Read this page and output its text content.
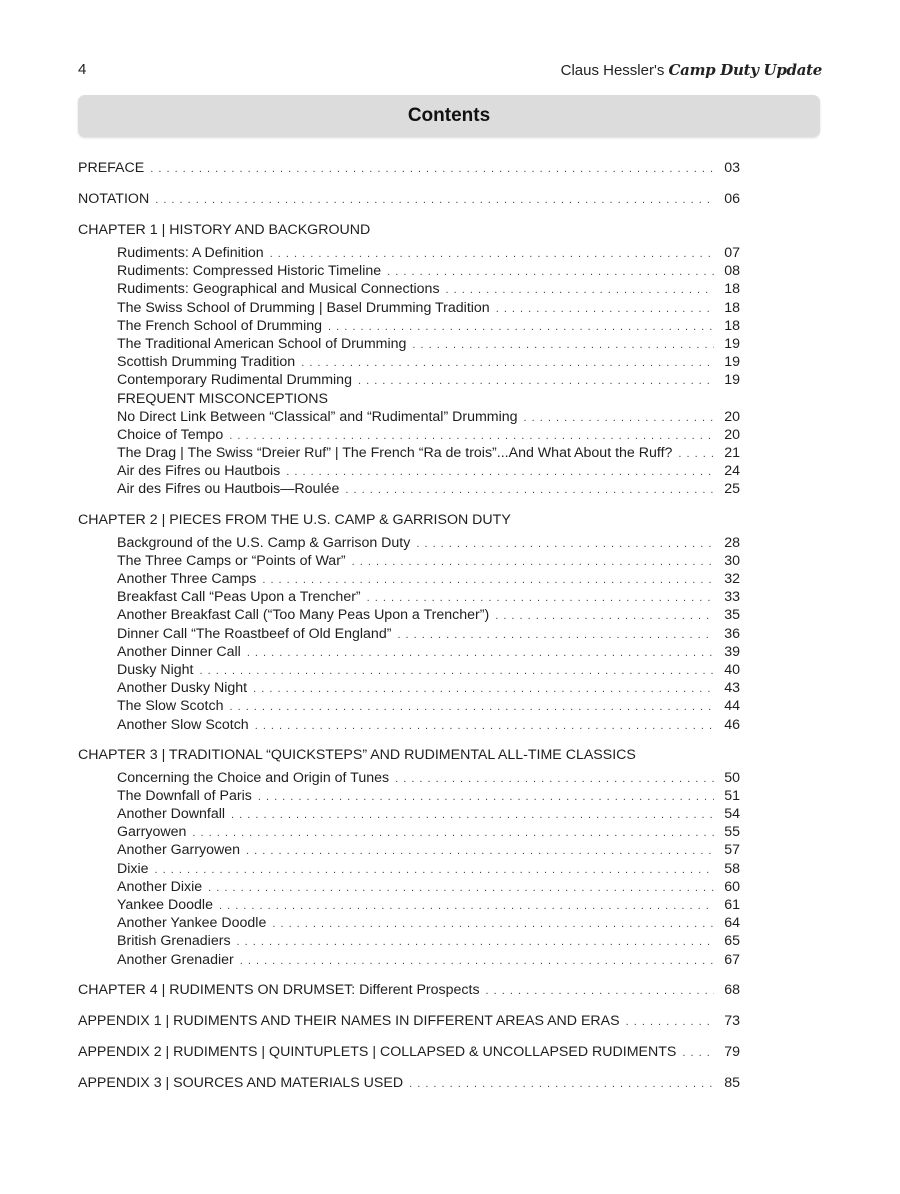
4	Claus Hessler's Camp Duty Update
Contents
PREFACE . . .	03
NOTATION . . .	06
CHAPTER 1 | HISTORY AND BACKGROUND
Rudiments: A Definition . . .	07
Rudiments: Compressed Historic Timeline . . .	08
Rudiments: Geographical and Musical Connections . . .	18
The Swiss School of Drumming | Basel Drumming Tradition . . .	18
The French School of Drumming . . .	18
The Traditional American School of Drumming . . .	19
Scottish Drumming Tradition . . .	19
Contemporary Rudimental Drumming . . .	19
FREQUENT MISCONCEPTIONS
No Direct Link Between “Classical” and “Rudimental” Drumming . . .	20
Choice of Tempo . . .	20
The Drag | The Swiss “Dreier Ruf” | The French “Ra de trois”...And What About the Ruff? . . .	21
Air des Fifres ou Hautbois . . .	24
Air des Fifres ou Hautbois—Roulée . . .	25
CHAPTER 2 | PIECES FROM THE U.S. CAMP & GARRISON DUTY
Background of the U.S. Camp & Garrison Duty . . .	28
The Three Camps or “Points of War” . . .	30
Another Three Camps . . .	32
Breakfast Call “Peas Upon a Trencher” . . .	33
Another Breakfast Call (“Too Many Peas Upon a Trencher”) . . .	35
Dinner Call “The Roastbeef of Old England” . . .	36
Another Dinner Call . . .	39
Dusky Night . . .	40
Another Dusky Night . . .	43
The Slow Scotch . . .	44
Another Slow Scotch . . .	46
CHAPTER 3 | TRADITIONAL “QUICKSTEPS” AND RUDIMENTAL ALL-TIME CLASSICS
Concerning the Choice and Origin of Tunes . . .	50
The Downfall of Paris . . .	51
Another Downfall . . .	54
Garryowen . . .	55
Another Garryowen . . .	57
Dixie . . .	58
Another Dixie . . .	60
Yankee Doodle . . .	61
Another Yankee Doodle . . .	64
British Grenadiers . . .	65
Another Grenadier . . .	67
CHAPTER 4 | RUDIMENTS ON DRUMSET: Different Prospects . . .	68
APPENDIX 1 | RUDIMENTS AND THEIR NAMES IN DIFFERENT AREAS AND ERAS . . .	73
APPENDIX 2 | RUDIMENTS | QUINTUPLETS | COLLAPSED & UNCOLLAPSED RUDIMENTS . . .	79
APPENDIX 3 | SOURCES AND MATERIALS USED . . .	85
